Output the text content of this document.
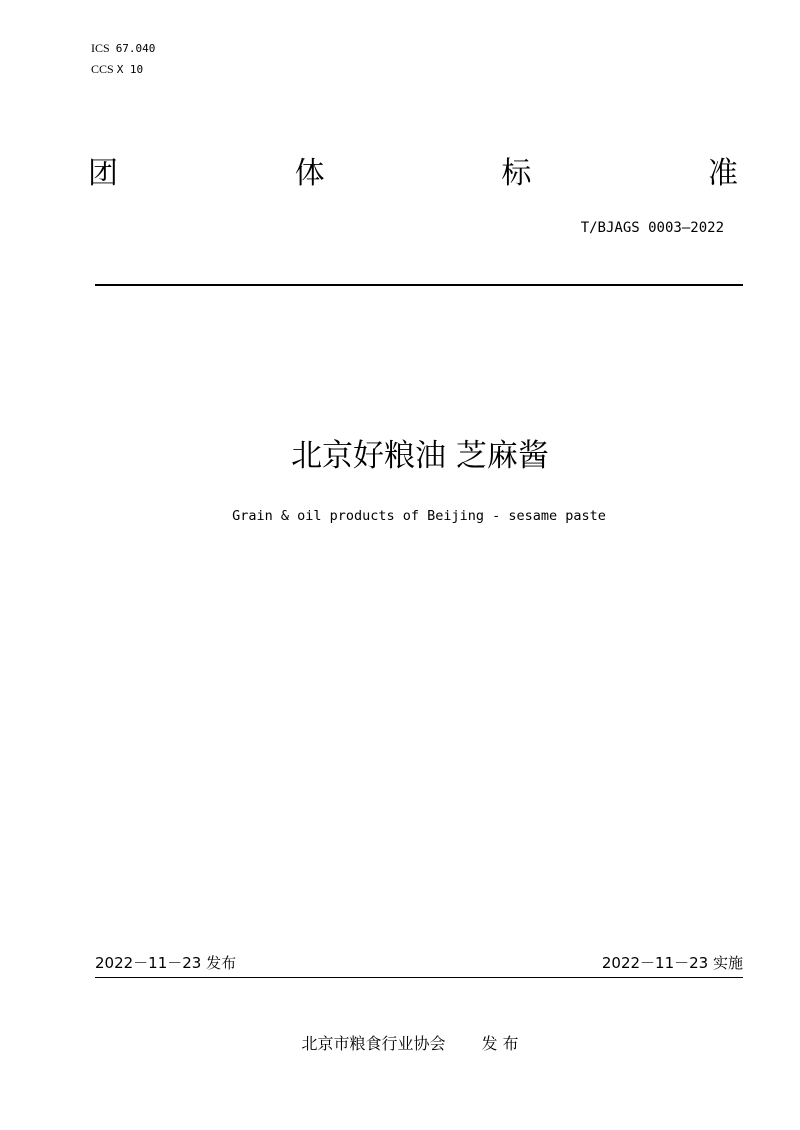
ICS 67.040
CCS X 10
团	体	标	准
T/BJAGS 0003—2022
北京好粮油 芝麻酱
Grain & oil products of Beijing - sesame paste
2022－11－23 发布	2022－11－23 实施
北京市粮食行业协会 发 布
